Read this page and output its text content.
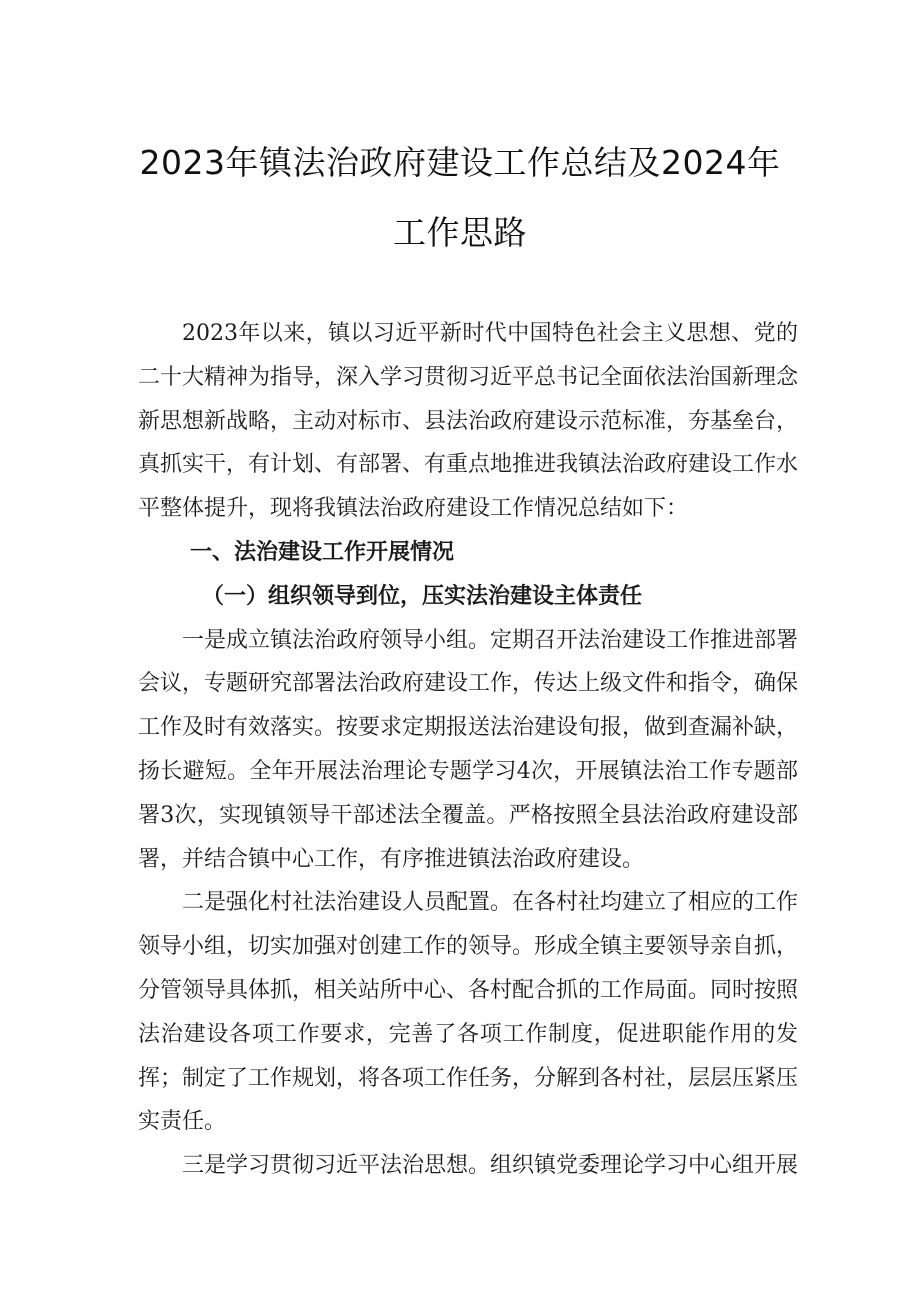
2023年镇法治政府建设工作总结及2024年
工作思路

2023年以来，镇以习近平新时代中国特色社会主义思想、党的二十大精神为指导，深入学习贯彻习近平总书记全面依法治国新理念新思想新战略，主动对标市、县法治政府建设示范标准，夯基垒台，真抓实干，有计划、有部署、有重点地推进我镇法治政府建设工作水平整体提升，现将我镇法治政府建设工作情况总结如下：

一、法治建设工作开展情况
（一）组织领导到位，压实法治建设主体责任

一是成立镇法治政府领导小组。定期召开法治建设工作推进部署会议，专题研究部署法治政府建设工作，传达上级文件和指令，确保工作及时有效落实。按要求定期报送法治建设旬报，做到查漏补缺，扬长避短。全年开展法治理论专题学习4次，开展镇法治工作专题部署3次，实现镇领导干部述法全覆盖。严格按照全县法治政府建设部署，并结合镇中心工作，有序推进镇法治政府建设。

二是强化村社法治建设人员配置。在各村社均建立了相应的工作领导小组，切实加强对创建工作的领导。形成全镇主要领导亲自抓，分管领导具体抓，相关站所中心、各村配合抓的工作局面。同时按照法治建设各项工作要求，完善了各项工作制度，促进职能作用的发挥；制定了工作规划，将各项工作任务，分解到各村社，层层压紧压实责任。

三是学习贯彻习近平法治思想。组织镇党委理论学习中心组开展
